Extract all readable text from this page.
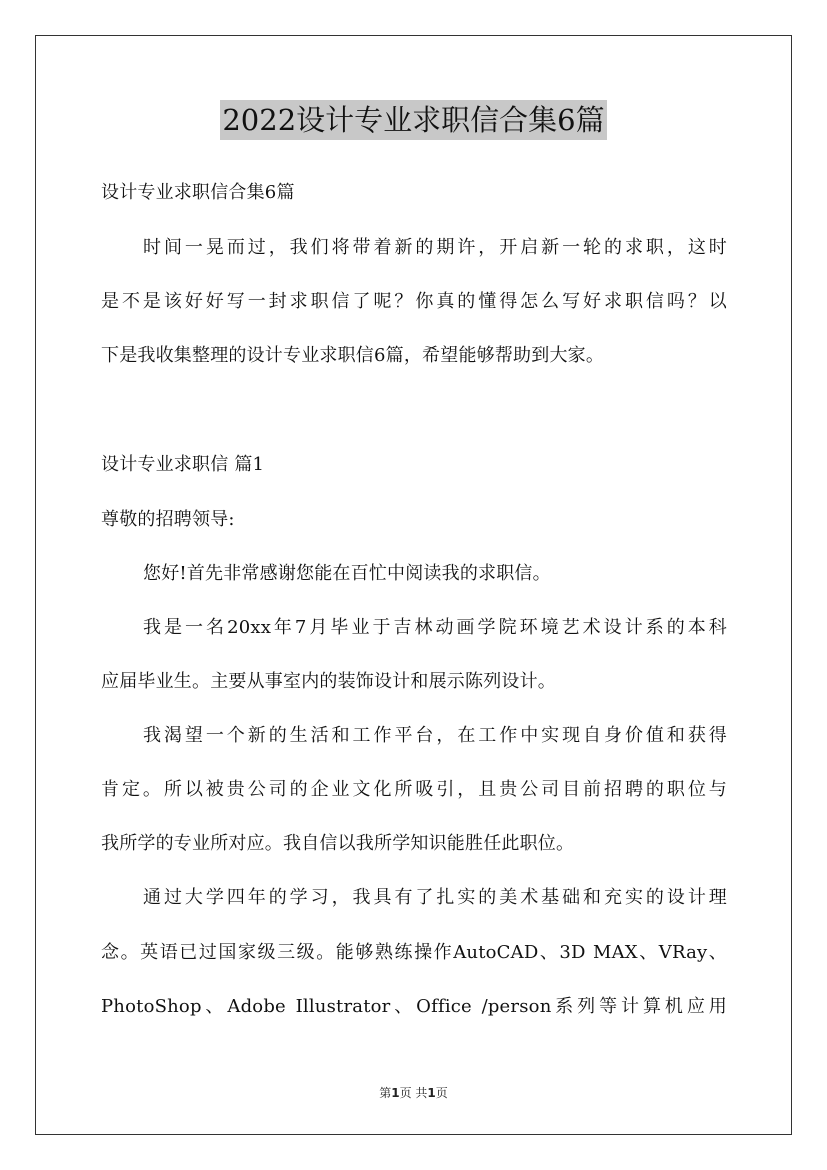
2022设计专业求职信合集6篇
设计专业求职信合集6篇
时间一晃而过，我们将带着新的期许，开启新一轮的求职，这时
是不是该好好写一封求职信了呢？你真的懂得怎么写好求职信吗？以
下是我收集整理的设计专业求职信6篇，希望能够帮助到大家。
设计专业求职信 篇1
尊敬的招聘领导:
您好!首先非常感谢您能在百忙中阅读我的求职信。
我是一名20xx年7月毕业于吉林动画学院环境艺术设计系的本科
应届毕业生。主要从事室内的装饰设计和展示陈列设计。
我渴望一个新的生活和工作平台，在工作中实现自身价值和获得
肯定。所以被贵公司的企业文化所吸引，且贵公司目前招聘的职位与
我所学的专业所对应。我自信以我所学知识能胜任此职位。
通过大学四年的学习，我具有了扎实的美术基础和充实的设计理
念。英语已过国家级三级。能够熟练操作AutoCAD、3D MAX、VRay、
PhotoShop、Adobe Illustrator、Office /person系列等计算机应用
第1页 共1页
